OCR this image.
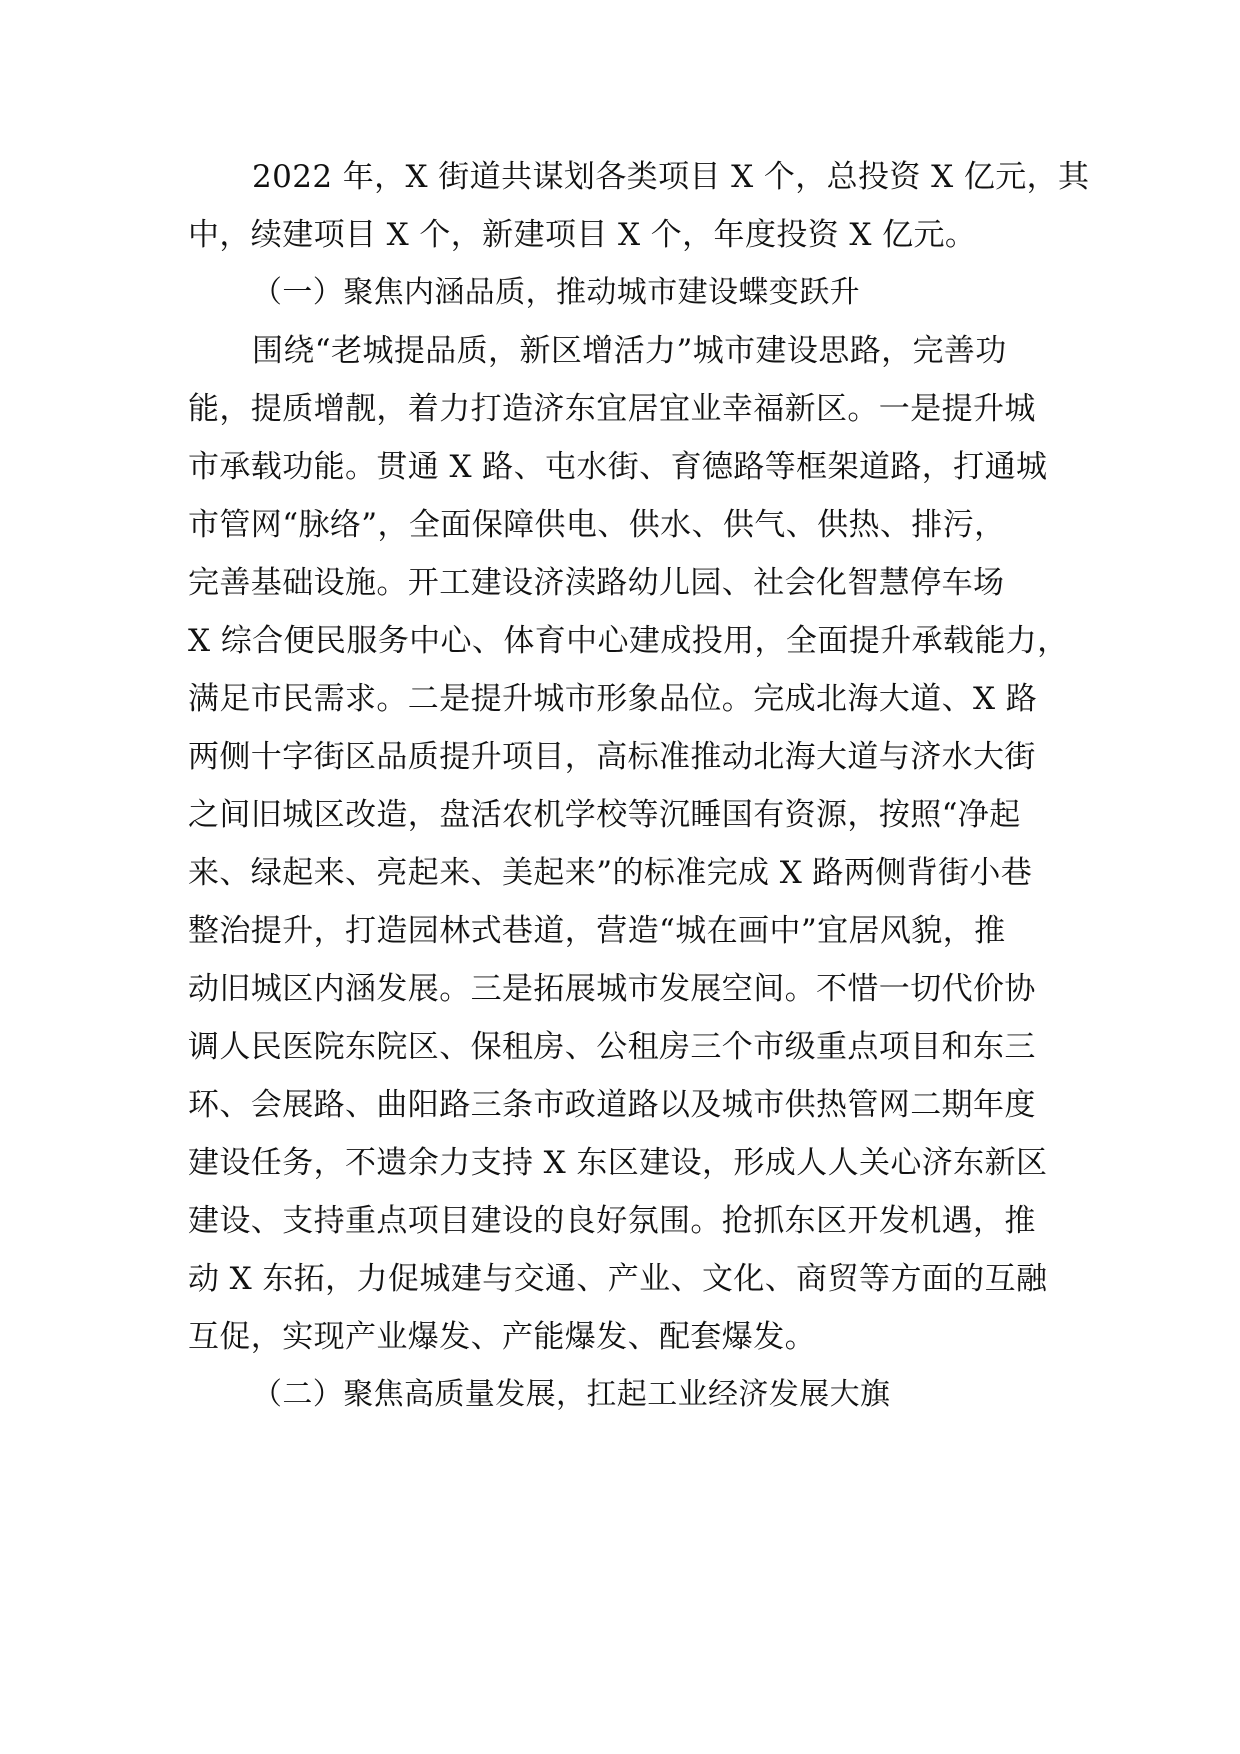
2022 年，X 街道共谋划各类项目 X 个，总投资 X 亿元，其
中，续建项目 X 个，新建项目 X 个，年度投资 X 亿元。
（一）聚焦内涵品质，推动城市建设蝶变跃升
围绕“老城提品质，新区增活力”城市建设思路，完善功
能，提质增靓，着力打造济东宜居宜业幸福新区。一是提升城
市承载功能。贯通 X 路、屯水街、育德路等框架道路，打通城
市管网“脉络”，全面保障供电、供水、供气、供热、排污，
完善基础设施。开工建设济渎路幼儿园、社会化智慧停车场
X 综合便民服务中心、体育中心建成投用，全面提升承载能力，
满足市民需求。二是提升城市形象品位。完成北海大道、X 路
两侧十字街区品质提升项目，高标准推动北海大道与济水大街
之间旧城区改造，盘活农机学校等沉睡国有资源，按照“净起
来、绿起来、亮起来、美起来”的标准完成 X 路两侧背街小巷
整治提升，打造园林式巷道，营造“城在画中”宜居风貌，推
动旧城区内涵发展。三是拓展城市发展空间。不惜一切代价协
调人民医院东院区、保租房、公租房三个市级重点项目和东三
环、会展路、曲阳路三条市政道路以及城市供热管网二期年度
建设任务，不遗余力支持 X 东区建设，形成人人关心济东新区
建设、支持重点项目建设的良好氛围。抢抓东区开发机遇，推
动 X 东拓，力促城建与交通、产业、文化、商贸等方面的互融
互促，实现产业爆发、产能爆发、配套爆发。
（二）聚焦高质量发展，扛起工业经济发展大旗
